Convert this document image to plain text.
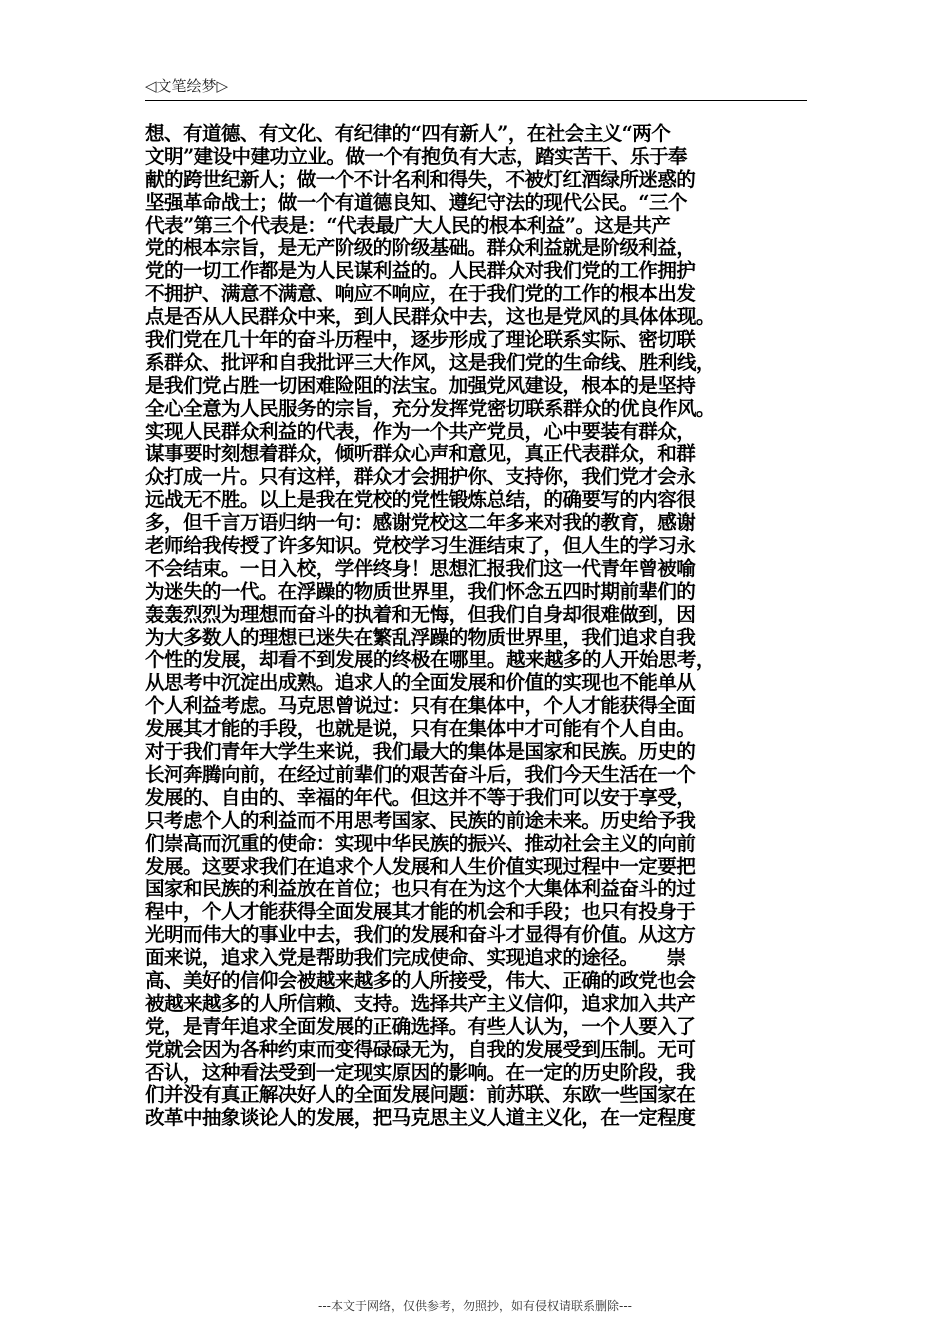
◁文笔绘梦▷
想、有道德、有文化、有纪律的“四有新人”，在社会主义“两个
文明”建设中建功立业。做一个有抱负有大志，踏实苦干、乐于奉
献的跨世纪新人；做一个不计名利和得失，不被灯红酒绿所迷惑的
坚强革命战士；做一个有道德良知、遵纪守法的现代公民。“三个
代表”第三个代表是：“代表最广大人民的根本利益”。这是共产
党的根本宗旨，是无产阶级的阶级基础。群众利益就是阶级利益，
党的一切工作都是为人民谋利益的。人民群众对我们党的工作拥护
不拥护、满意不满意、响应不响应，在于我们党的工作的根本出发
点是否从人民群众中来，到人民群众中去，这也是党风的具体体现。
我们党在几十年的奋斗历程中，逐步形成了理论联系实际、密切联
系群众、批评和自我批评三大作风，这是我们党的生命线、胜利线，
是我们党占胜一切困难险阻的法宝。加强党风建设，根本的是坚持
全心全意为人民服务的宗旨，充分发挥党密切联系群众的优良作风。
实现人民群众利益的代表，作为一个共产党员，心中要装有群众，
谋事要时刻想着群众，倾听群众心声和意见，真正代表群众，和群
众打成一片。只有这样，群众才会拥护你、支持你，我们党才会永
远战无不胜。以上是我在党校的党性锻炼总结，的确要写的内容很
多，但千言万语归纳一句：感谢党校这二年多来对我的教育，感谢
老师给我传授了许多知识。党校学习生涯结束了，但人生的学习永
不会结束。一日入校，学伴终身！思想汇报我们这一代青年曾被喻
为迷失的一代。在浮躁的物质世界里，我们怀念五四时期前辈们的
轰轰烈烈为理想而奋斗的执着和无悔，但我们自身却很难做到，因
为大多数人的理想已迷失在繁乱浮躁的物质世界里，我们追求自我
个性的发展，却看不到发展的终极在哪里。越来越多的人开始思考，
从思考中沉淀出成熟。追求人的全面发展和价值的实现也不能单从
个人利益考虑。马克思曾说过：只有在集体中，个人才能获得全面
发展其才能的手段，也就是说，只有在集体中才可能有个人自由。
对于我们青年大学生来说，我们最大的集体是国家和民族。历史的
长河奔腾向前，在经过前辈们的艰苦奋斗后，我们今天生活在一个
发展的、自由的、幸福的年代。但这并不等于我们可以安于享受，
只考虑个人的利益而不用思考国家、民族的前途未来。历史给予我
们崇高而沉重的使命：实现中华民族的振兴、推动社会主义的向前
发展。这要求我们在追求个人发展和人生价值实现过程中一定要把
国家和民族的利益放在首位；也只有在为这个大集体利益奋斗的过
程中，个人才能获得全面发展其才能的机会和手段；也只有投身于
光明而伟大的事业中去，我们的发展和奋斗才显得有价值。从这方
面来说，追求入党是帮助我们完成使命、实现追求的途径。　　崇
高、美好的信仰会被越来越多的人所接受，伟大、正确的政党也会
被越来越多的人所信赖、支持。选择共产主义信仰，追求加入共产
党，是青年追求全面发展的正确选择。有些人认为，一个人要入了
党就会因为各种约束而变得碌碌无为，自我的发展受到压制。无可
否认，这种看法受到一定现实原因的影响。在一定的历史阶段，我
们并没有真正解决好人的全面发展问题：前苏联、东欧一些国家在
改革中抽象谈论人的发展，把马克思主义人道主义化，在一定程度
---本文于网络，仅供参考，勿照抄，如有侵权请联系删除---
